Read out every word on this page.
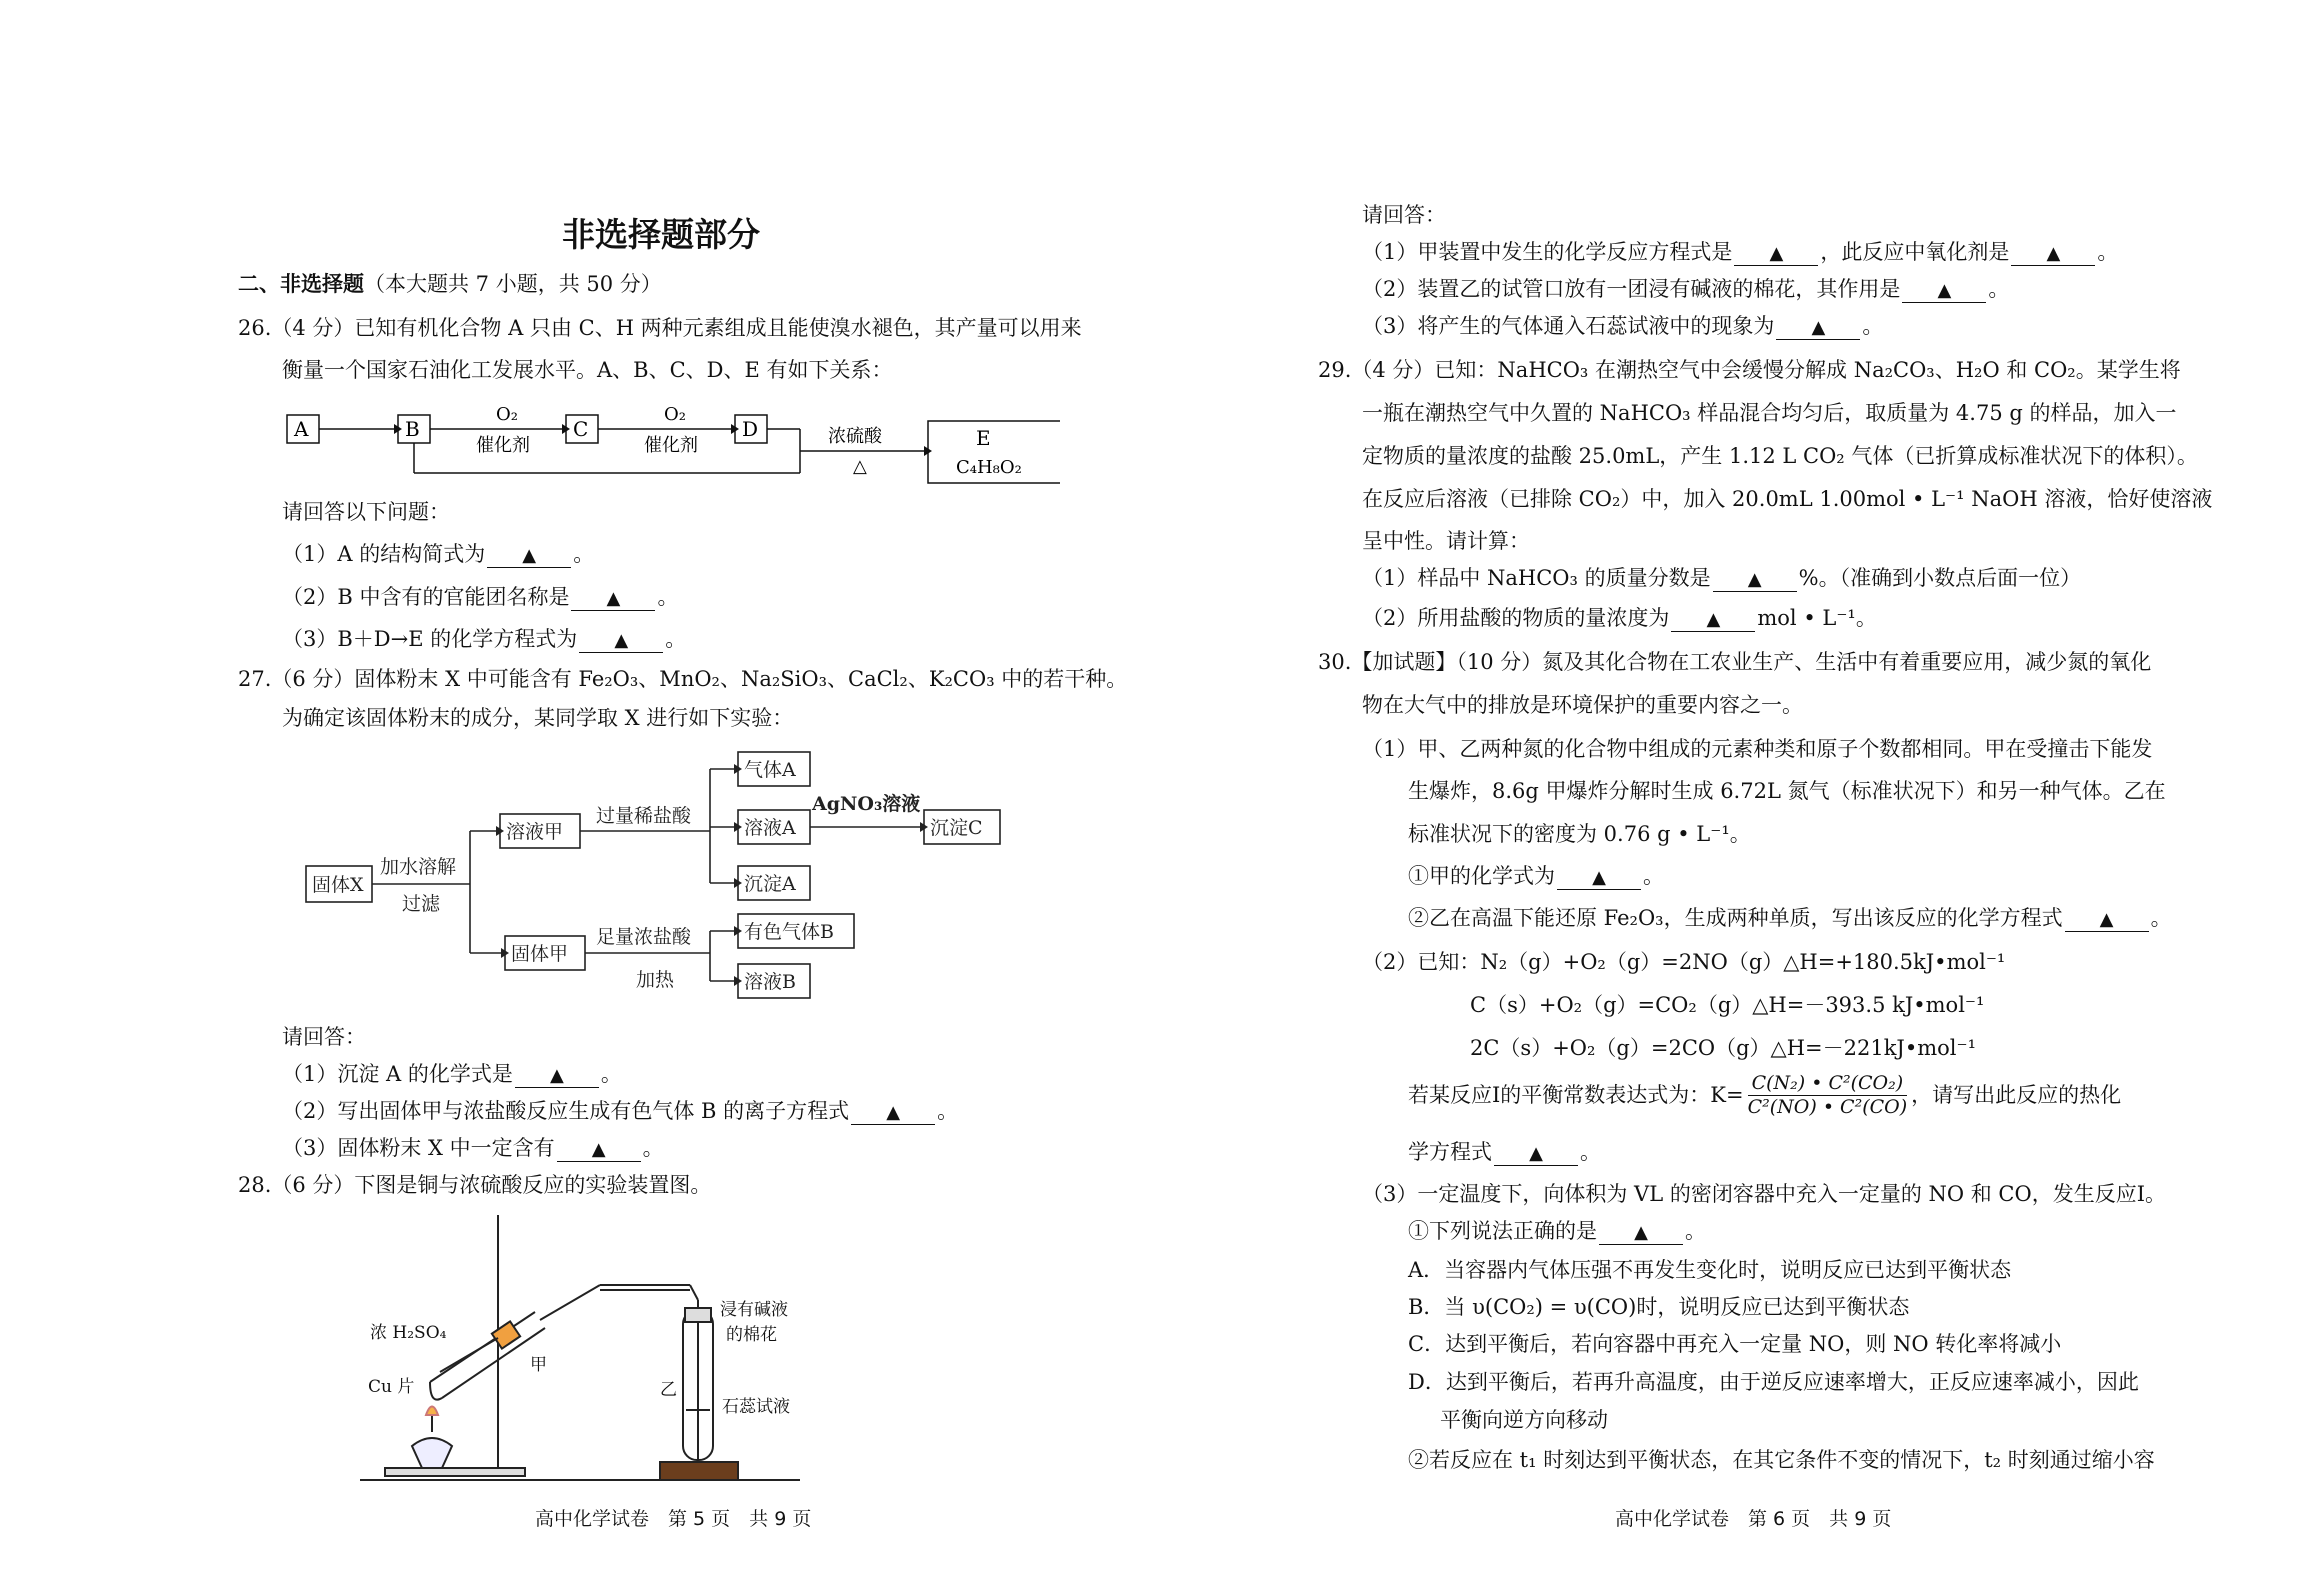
非选择题部分
二、非选择题（本大题共 7 小题，共 50 分）
26.（4 分）已知有机化合物 A 只由 C、H 两种元素组成且能使溴水褪色，其产量可以用来
衡量一个国家石油化工发展水平。A、B、C、D、E 有如下关系：
A	B	C	D	E
C₄H₈O₂
O₂
催化剂
O₂
催化剂	浓硫酸
△
请回答以下问题：
（1）A 的结构简式为 ▲ 。
（2）B 中含有的官能团名称是 ▲ 。
（3）B＋D→E 的化学方程式为 ▲ 。
27.（6 分）固体粉末 X 中可能含有 Fe₂O₃、MnO₂、Na₂SiO₃、CaCl₂、K₂CO₃ 中的若干种。
为确定该固体粉末的成分，某同学取 X 进行如下实验：
固体X
加水溶解
过滤
溶液甲
固体甲
过量稀盐酸
足量浓盐酸
加热
气体A
溶液A
沉淀A
AgNO₃溶液
沉淀C
有色气体B
溶液B
请回答：
（1）沉淀 A 的化学式是 ▲ 。
（2）写出固体甲与浓盐酸反应生成有色气体 B 的离子方程式 ▲ 。
（3）固体粉末 X 中一定含有 ▲ 。
28.（6 分）下图是铜与浓硫酸反应的实验装置图。
浓 H₂SO₄
Cu 片
甲
乙
浸有碱液
的棉花
石蕊试液
高中化学试卷　第 5 页　共 9 页
请回答：
（1）甲装置中发生的化学反应方程式是 ▲ ，此反应中氧化剂是 ▲ 。
（2）装置乙的试管口放有一团浸有碱液的棉花，其作用是 ▲ 。
（3）将产生的气体通入石蕊试液中的现象为 ▲ 。
29.（4 分）已知：NaHCO₃ 在潮热空气中会缓慢分解成 Na₂CO₃、H₂O 和 CO₂。某学生将
一瓶在潮热空气中久置的 NaHCO₃ 样品混合均匀后，取质量为 4.75 g 的样品，加入一
定物质的量浓度的盐酸 25.0mL，产生 1.12 L CO₂ 气体（已折算成标准状况下的体积）。
在反应后溶液（已排除 CO₂）中，加入 20.0mL 1.00mol • L⁻¹ NaOH 溶液，恰好使溶液
呈中性。请计算：
（1）样品中 NaHCO₃ 的质量分数是 ▲ %。（准确到小数点后面一位）
（2）所用盐酸的物质的量浓度为 ▲ mol • L⁻¹。
30.【加试题】（10 分）氮及其化合物在工农业生产、生活中有着重要应用，减少氮的氧化
物在大气中的排放是环境保护的重要内容之一。
（1）甲、乙两种氮的化合物中组成的元素种类和原子个数都相同。甲在受撞击下能发
生爆炸，8.6g 甲爆炸分解时生成 6.72L 氮气（标准状况下）和另一种气体。乙在
标准状况下的密度为 0.76 g • L⁻¹。
①甲的化学式为 ▲ 。
②乙在高温下能还原 Fe₂O₃，生成两种单质，写出该反应的化学方程式 ▲ 。
（2）已知：N₂（g）+O₂（g）=2NO（g）△H=+180.5kJ•mol⁻¹
C（s）+O₂（g）=CO₂（g）△H=－393.5 kJ•mol⁻¹
2C（s）+O₂（g）=2CO（g）△H=－221kJ•mol⁻¹
若某反应Ⅰ的平衡常数表达式为：$K= \frac{\text{C(N₂) • C²(CO₂)}}{\text{C²(NO) • C²(CO)}}$ ，请写出此反应的热化
学方程式 ▲ 。
（3）一定温度下，向体积为 VL 的密闭容器中充入一定量的 NO 和 CO，发生反应Ⅰ。
①下列说法正确的是 ▲ 。
A．当容器内气体压强不再发生变化时，说明反应已达到平衡状态
B．当 υ(CO₂) = υ(CO)时，说明反应已达到平衡状态
C．达到平衡后，若向容器中再充入一定量 NO，则 NO 转化率将减小
D．达到平衡后，若再升高温度，由于逆反应速率增大，正反应速率减小，因此
平衡向逆方向移动
②若反应在 t₁ 时刻达到平衡状态，在其它条件不变的情况下，t₂ 时刻通过缩小容
高中化学试卷　第 6 页　共 9 页
